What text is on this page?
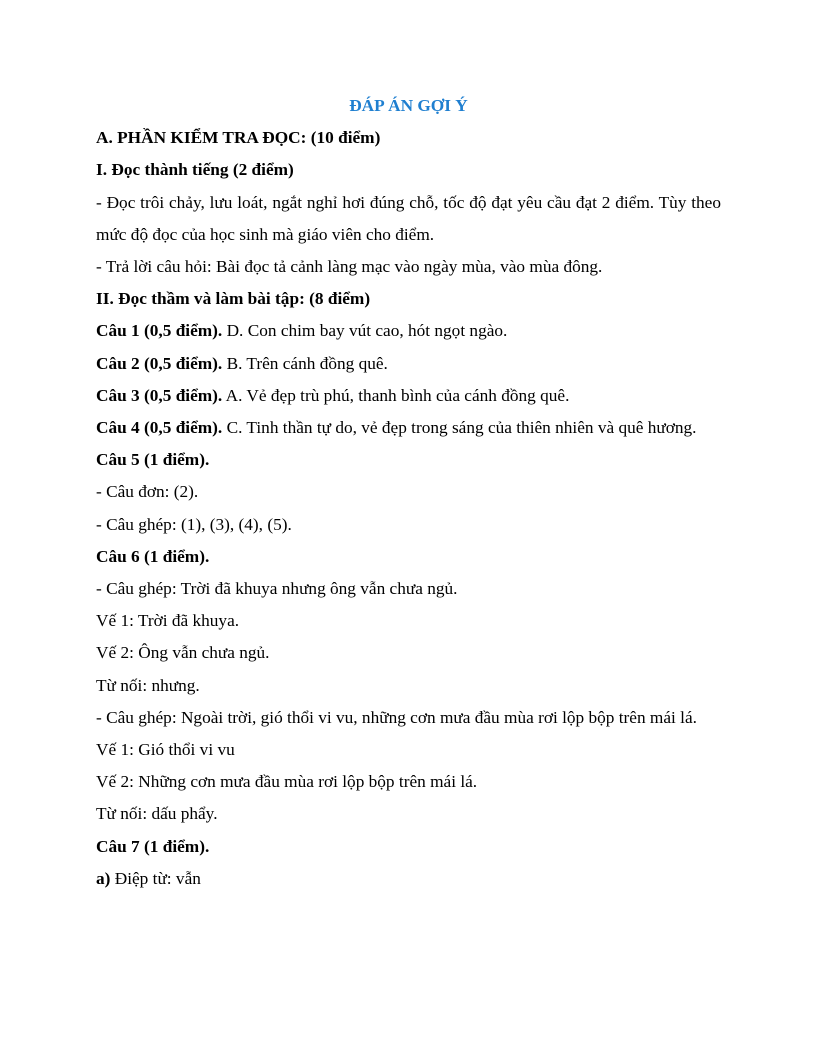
ĐÁP ÁN GỢI Ý
A. PHẦN KIỂM TRA ĐỌC: (10 điểm)
I. Đọc thành tiếng (2 điểm)
- Đọc trôi chảy, lưu loát, ngắt nghỉ hơi đúng chỗ, tốc độ đạt yêu cầu đạt 2 điểm. Tùy theo mức độ đọc của học sinh mà giáo viên cho điểm.
- Trả lời câu hỏi: Bài đọc tả cảnh làng mạc vào ngày mùa, vào mùa đông.
II. Đọc thầm và làm bài tập: (8 điểm)
Câu 1 (0,5 điểm). D. Con chim bay vút cao, hót ngọt ngào.
Câu 2 (0,5 điểm). B. Trên cánh đồng quê.
Câu 3 (0,5 điểm). A. Vẻ đẹp trù phú, thanh bình của cánh đồng quê.
Câu 4 (0,5 điểm). C. Tinh thần tự do, vẻ đẹp trong sáng của thiên nhiên và quê hương.
Câu 5 (1 điểm).
- Câu đơn: (2).
- Câu ghép: (1), (3), (4), (5).
Câu 6 (1 điểm).
- Câu ghép: Trời đã khuya nhưng ông vẫn chưa ngủ.
Vế 1: Trời đã khuya.
Vế 2: Ông vẫn chưa ngủ.
Từ nối: nhưng.
- Câu ghép: Ngoài trời, gió thổi vi vu, những cơn mưa đầu mùa rơi lộp bộp trên mái lá.
Vế 1: Gió thổi vi vu
Vế 2: Những cơn mưa đầu mùa rơi lộp bộp trên mái lá.
Từ nối: dấu phẩy.
Câu 7 (1 điểm).
a) Điệp từ: vẫn
